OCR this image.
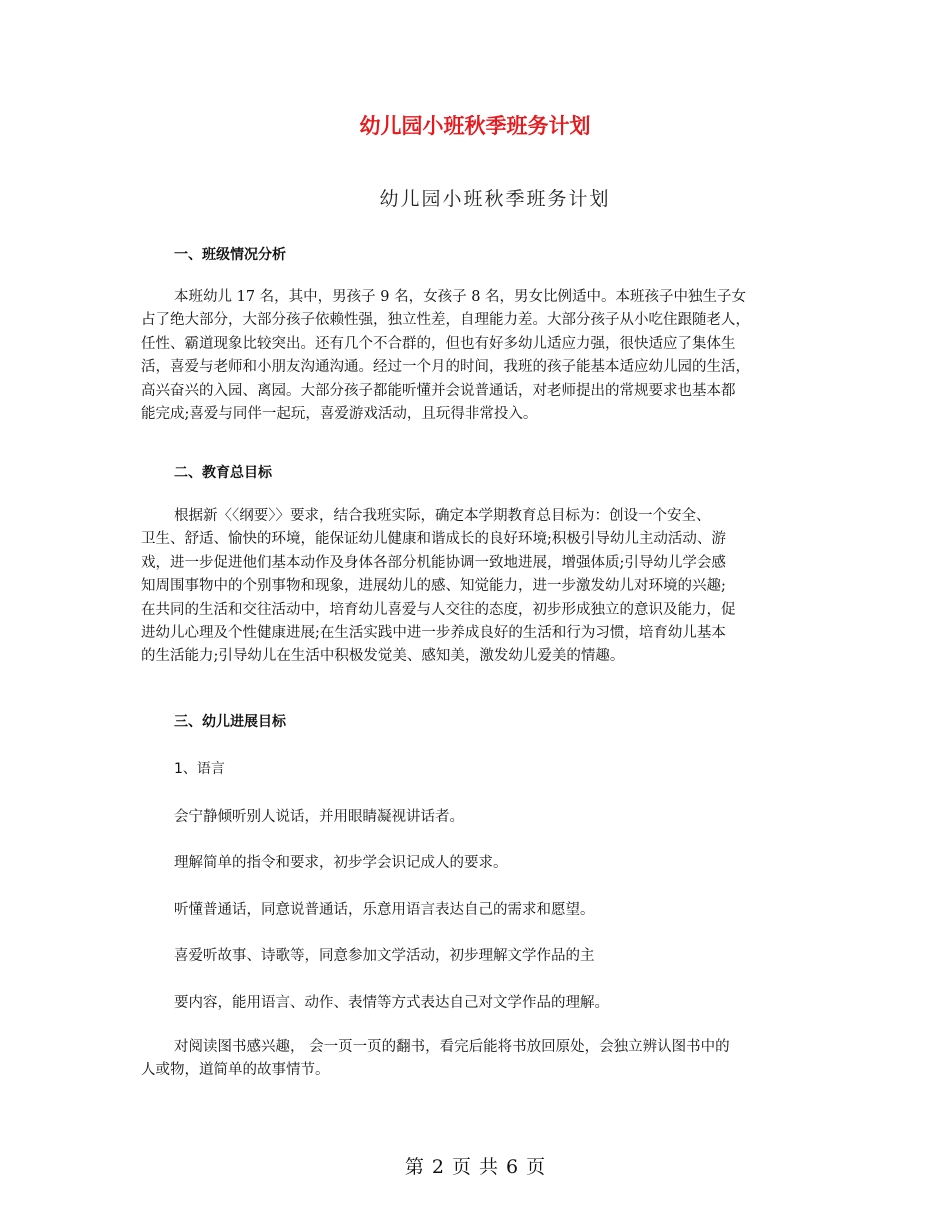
幼儿园小班秋季班务计划
幼儿园小班秋季班务计划
一、班级情况分析
本班幼儿 17 名，其中，男孩子 9 名，女孩子 8 名，男女比例适中。本班孩子中独生子女
占了绝大部分，大部分孩子依赖性强，独立性差，自理能力差。大部分孩子从小吃住跟随老人，
任性、霸道现象比较突出。还有几个不合群的，但也有好多幼儿适应力强，很快适应了集体生
活，喜爱与老师和小朋友沟通沟通。经过一个月的时间，我班的孩子能基本适应幼儿园的生活，
高兴奋兴的入园、离园。大部分孩子都能听懂并会说普通话，对老师提出的常规要求也基本都
能完成;喜爱与同伴一起玩，喜爱游戏活动，且玩得非常投入。
二、教育总目标
根据新〈〈纲要〉〉要求，结合我班实际，确定本学期教育总目标为：创设一个安全、
卫生、舒适、愉快的环境，能保证幼儿健康和谐成长的良好环境;积极引导幼儿主动活动、游
戏，进一步促进他们基本动作及身体各部分机能协调一致地进展，增强体质;引导幼儿学会感
知周围事物中的个别事物和现象，进展幼儿的感、知觉能力，进一步激发幼儿对环境的兴趣;
在共同的生活和交往活动中，培育幼儿喜爱与人交往的态度，初步形成独立的意识及能力，促
进幼儿心理及个性健康进展;在生活实践中进一步养成良好的生活和行为习惯，培育幼儿基本
的生活能力;引导幼儿在生活中积极发觉美、感知美，激发幼儿爱美的情趣。
三、幼儿进展目标
1、语言
会宁静倾听别人说话，并用眼睛凝视讲话者。
理解简单的指令和要求，初步学会识记成人的要求。
听懂普通话，同意说普通话，乐意用语言表达自己的需求和愿望。
喜爱听故事、诗歌等，同意参加文学活动，初步理解文学作品的主
要内容，能用语言、动作、表情等方式表达自己对文学作品的理解。
对阅读图书感兴趣， 会一页一页的翻书，看完后能将书放回原处，会独立辨认图书中的
人或物，道简单的故事情节。
第 2 页 共 6 页
